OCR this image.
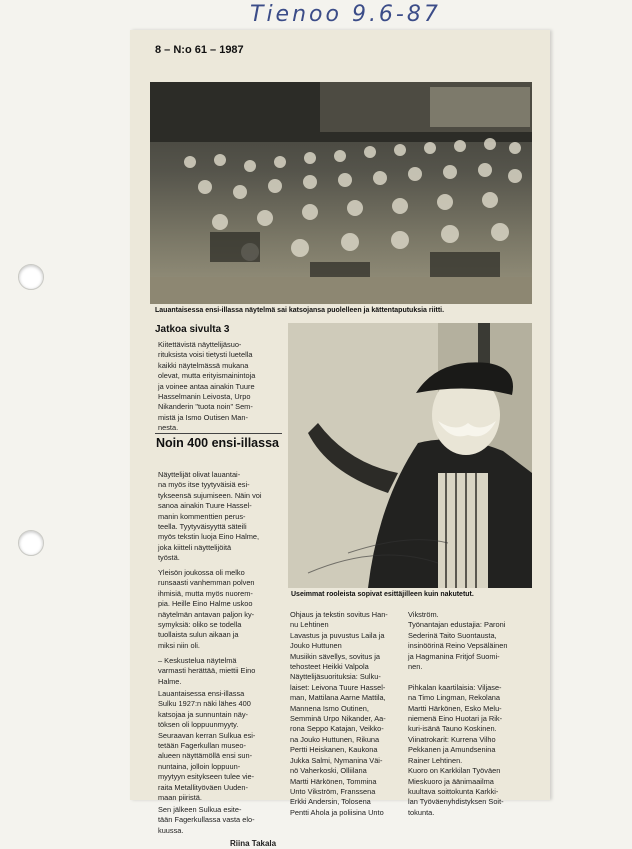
Tienoo 9.6-87
8 – N:o 61 – 1987
Lauantaisessa ensi-illassa näytelmä sai katsojansa puolelleen ja kättentaputuksia riitti.
Useimmat rooleista sopivat esittäjilleen kuin nakutetut.
Jatkoa sivulta 3
Kiitettävistä näyttelijäsuo-
rituksista voisi tietysti luetella
kaikki näytelmässä mukana
olevat, mutta erityismainintoja
ja voinee antaa ainakin Tuure
Hasselmanin Leivosta, Urpo
Nikanderin "tuota noin" Sem-
mistä ja Ismo Outisen Man-
nesta.
Noin 400 ensi-illassa
Näyttelijät olivat lauantai-
na myös itse tyytyväisiä esi-
tykseensä sujumiseen. Näin voi
sanoa ainakin Tuure Hassel-
manin kommenttien perus-
teella. Tyytyväisyyttä säteili
myös tekstin luoja Eino Halme,
joka kiitteli näyttelijöitä
työstä.
Yleisön joukossa oli melko
runsaasti vanhemman polven
ihmisiä, mutta myös nuorem-
pia. Heille Eino Halme uskoo
näytelmän antavan paljon ky-
symyksiä: oliko se todella
tuollaista sulun aikaan ja
miksi niin oli.
– Keskustelua näytelmä
varmasti herättää, miettii Eino
Halme.
Lauantaisessa ensi-illassa
Sulku 1927:n näki lähes 400
katsojaa ja sunnuntain näy-
töksen oli loppuunmyyty.
Seuraavan kerran Sulkua esi-
tetään Fagerkullan museo-
alueen näyttämöllä ensi sun-
nuntaina, jolloin loppuun-
myytyyn esitykseen tulee vie-
raita Metallityöväen Uuden-
maan piiristä.
Sen jälkeen Sulkua esite-
tään Fagerkullassa vasta elo-
kuussa.
Riina Takala
Ohjaus ja tekstin sovitus Han-
nu Lehtinen
Lavastus ja puvustus Laila ja
Jouko Huttunen
Musiikin sävellys, sovitus ja
tehosteet Heikki Valpola
Näyttelijäsuorituksia: Sulku-
laiset: Leivona Tuure Hassel-
man, Mattilana Aarne Mattila,
Mannena Ismo Outinen,
Semminä Urpo Nikander, Aa-
rona Seppo Katajan, Veikko-
na Jouko Huttunen, Rikuna
Pertti Heiskanen, Kaukona
Jukka Salmi, Nymanina Väi-
nö Vaherkoski, Olliilana
Martti Härkönen, Tommina
Unto Vikström, Franssena
Erkki Andersin, Tolosena
Pentti Ahola ja poliisina Unto
Vikström.
Työnantajan edustajia: Paroni
Sederinä Taito Suontausta,
insinöörinä Reino Vepsäläinen
ja Hagmanina Fritjof Suomi-
nen.

Pihkalan kaartilaisia: Viljase-
na Timo Lingman, Rekolana
Martti Härkönen, Esko Melu-
niemenä Eino Huotari ja Rik-
kuri-isänä Tauno Koskinen.
Viinatrokarit: Kurrena Vilho
Pekkanen ja Amundsenina
Rainer Lehtinen.
Kuoro on Karkkilan Työväen
Mieskuoro ja äänimaailma
kuultava soittokunta Karkki-
lan Työväenyhdistyksen Soit-
tokunta.
